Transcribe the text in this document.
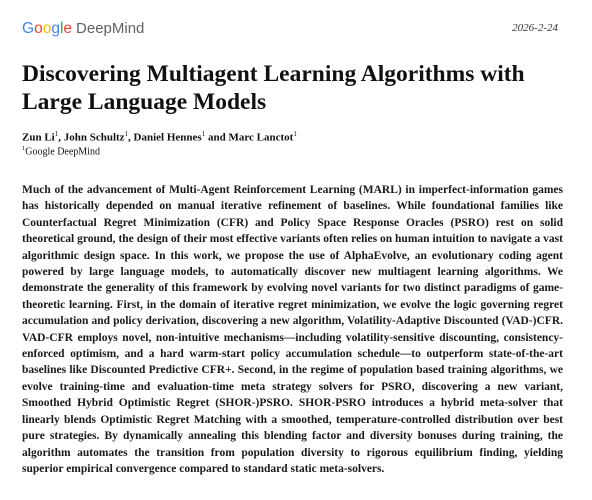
Google DeepMind	2026-2-24
Discovering Multiagent Learning Algorithms with Large Language Models
Zun Li$^1$, John Schultz$^1$, Daniel Hennes$^1$ and Marc Lanctot$^1$
$^1$Google DeepMind

Much of the advancement of Multi-Agent Reinforcement Learning (MARL) in imperfect-information games has historically depended on manual iterative refinement of baselines. While foundational families like Counterfactual Regret Minimization (CFR) and Policy Space Response Oracles (PSRO) rest on solid theoretical ground, the design of their most effective variants often relies on human intuition to navigate a vast algorithmic design space. In this work, we propose the use of AlphaEvolve, an evolutionary coding agent powered by large language models, to automatically discover new multiagent learning algorithms. We demonstrate the generality of this framework by evolving novel variants for two distinct paradigms of game-theoretic learning. First, in the domain of iterative regret minimization, we evolve the logic governing regret accumulation and policy derivation, discovering a new algorithm, Volatility-Adaptive Discounted (VAD-)CFR. VAD-CFR employs novel, non-intuitive mechanisms—including volatility-sensitive discounting, consistency-enforced optimism, and a hard warm-start policy accumulation schedule—to outperform state-of-the-art baselines like Discounted Predictive CFR+. Second, in the regime of population based training algorithms, we evolve training-time and evaluation-time meta strategy solvers for PSRO, discovering a new variant, Smoothed Hybrid Optimistic Regret (SHOR-)PSRO. SHOR-PSRO introduces a hybrid meta-solver that linearly blends Optimistic Regret Matching with a smoothed, temperature-controlled distribution over best pure strategies. By dynamically annealing this blending factor and diversity bonuses during training, the algorithm automates the transition from population diversity to rigorous equilibrium finding, yielding superior empirical convergence compared to standard static meta-solvers.
